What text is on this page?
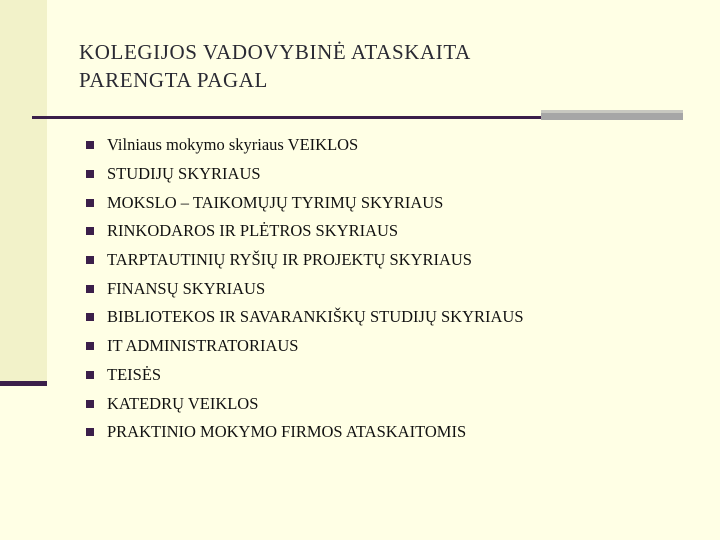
KOLEGIJOS VADOVYBINĖ ATASKAITA
PARENGTA PAGAL
Vilniaus mokymo skyriaus VEIKLOS
STUDIJŲ SKYRIAUS
MOKSLO – TAIKOMŲJŲ TYRIMŲ SKYRIAUS
RINKODAROS IR PLĖTROS SKYRIAUS
TARPTAUTINIŲ RYŠIŲ IR PROJEKTŲ SKYRIAUS
FINANSŲ SKYRIAUS
BIBLIOTEKOS IR SAVARANKIŠKŲ STUDIJŲ SKYRIAUS
IT ADMINISTRATORIAUS
TEISĖS
KATEDRŲ VEIKLOS
PRAKTINIO MOKYMO FIRMOS ATASKAITOMIS
